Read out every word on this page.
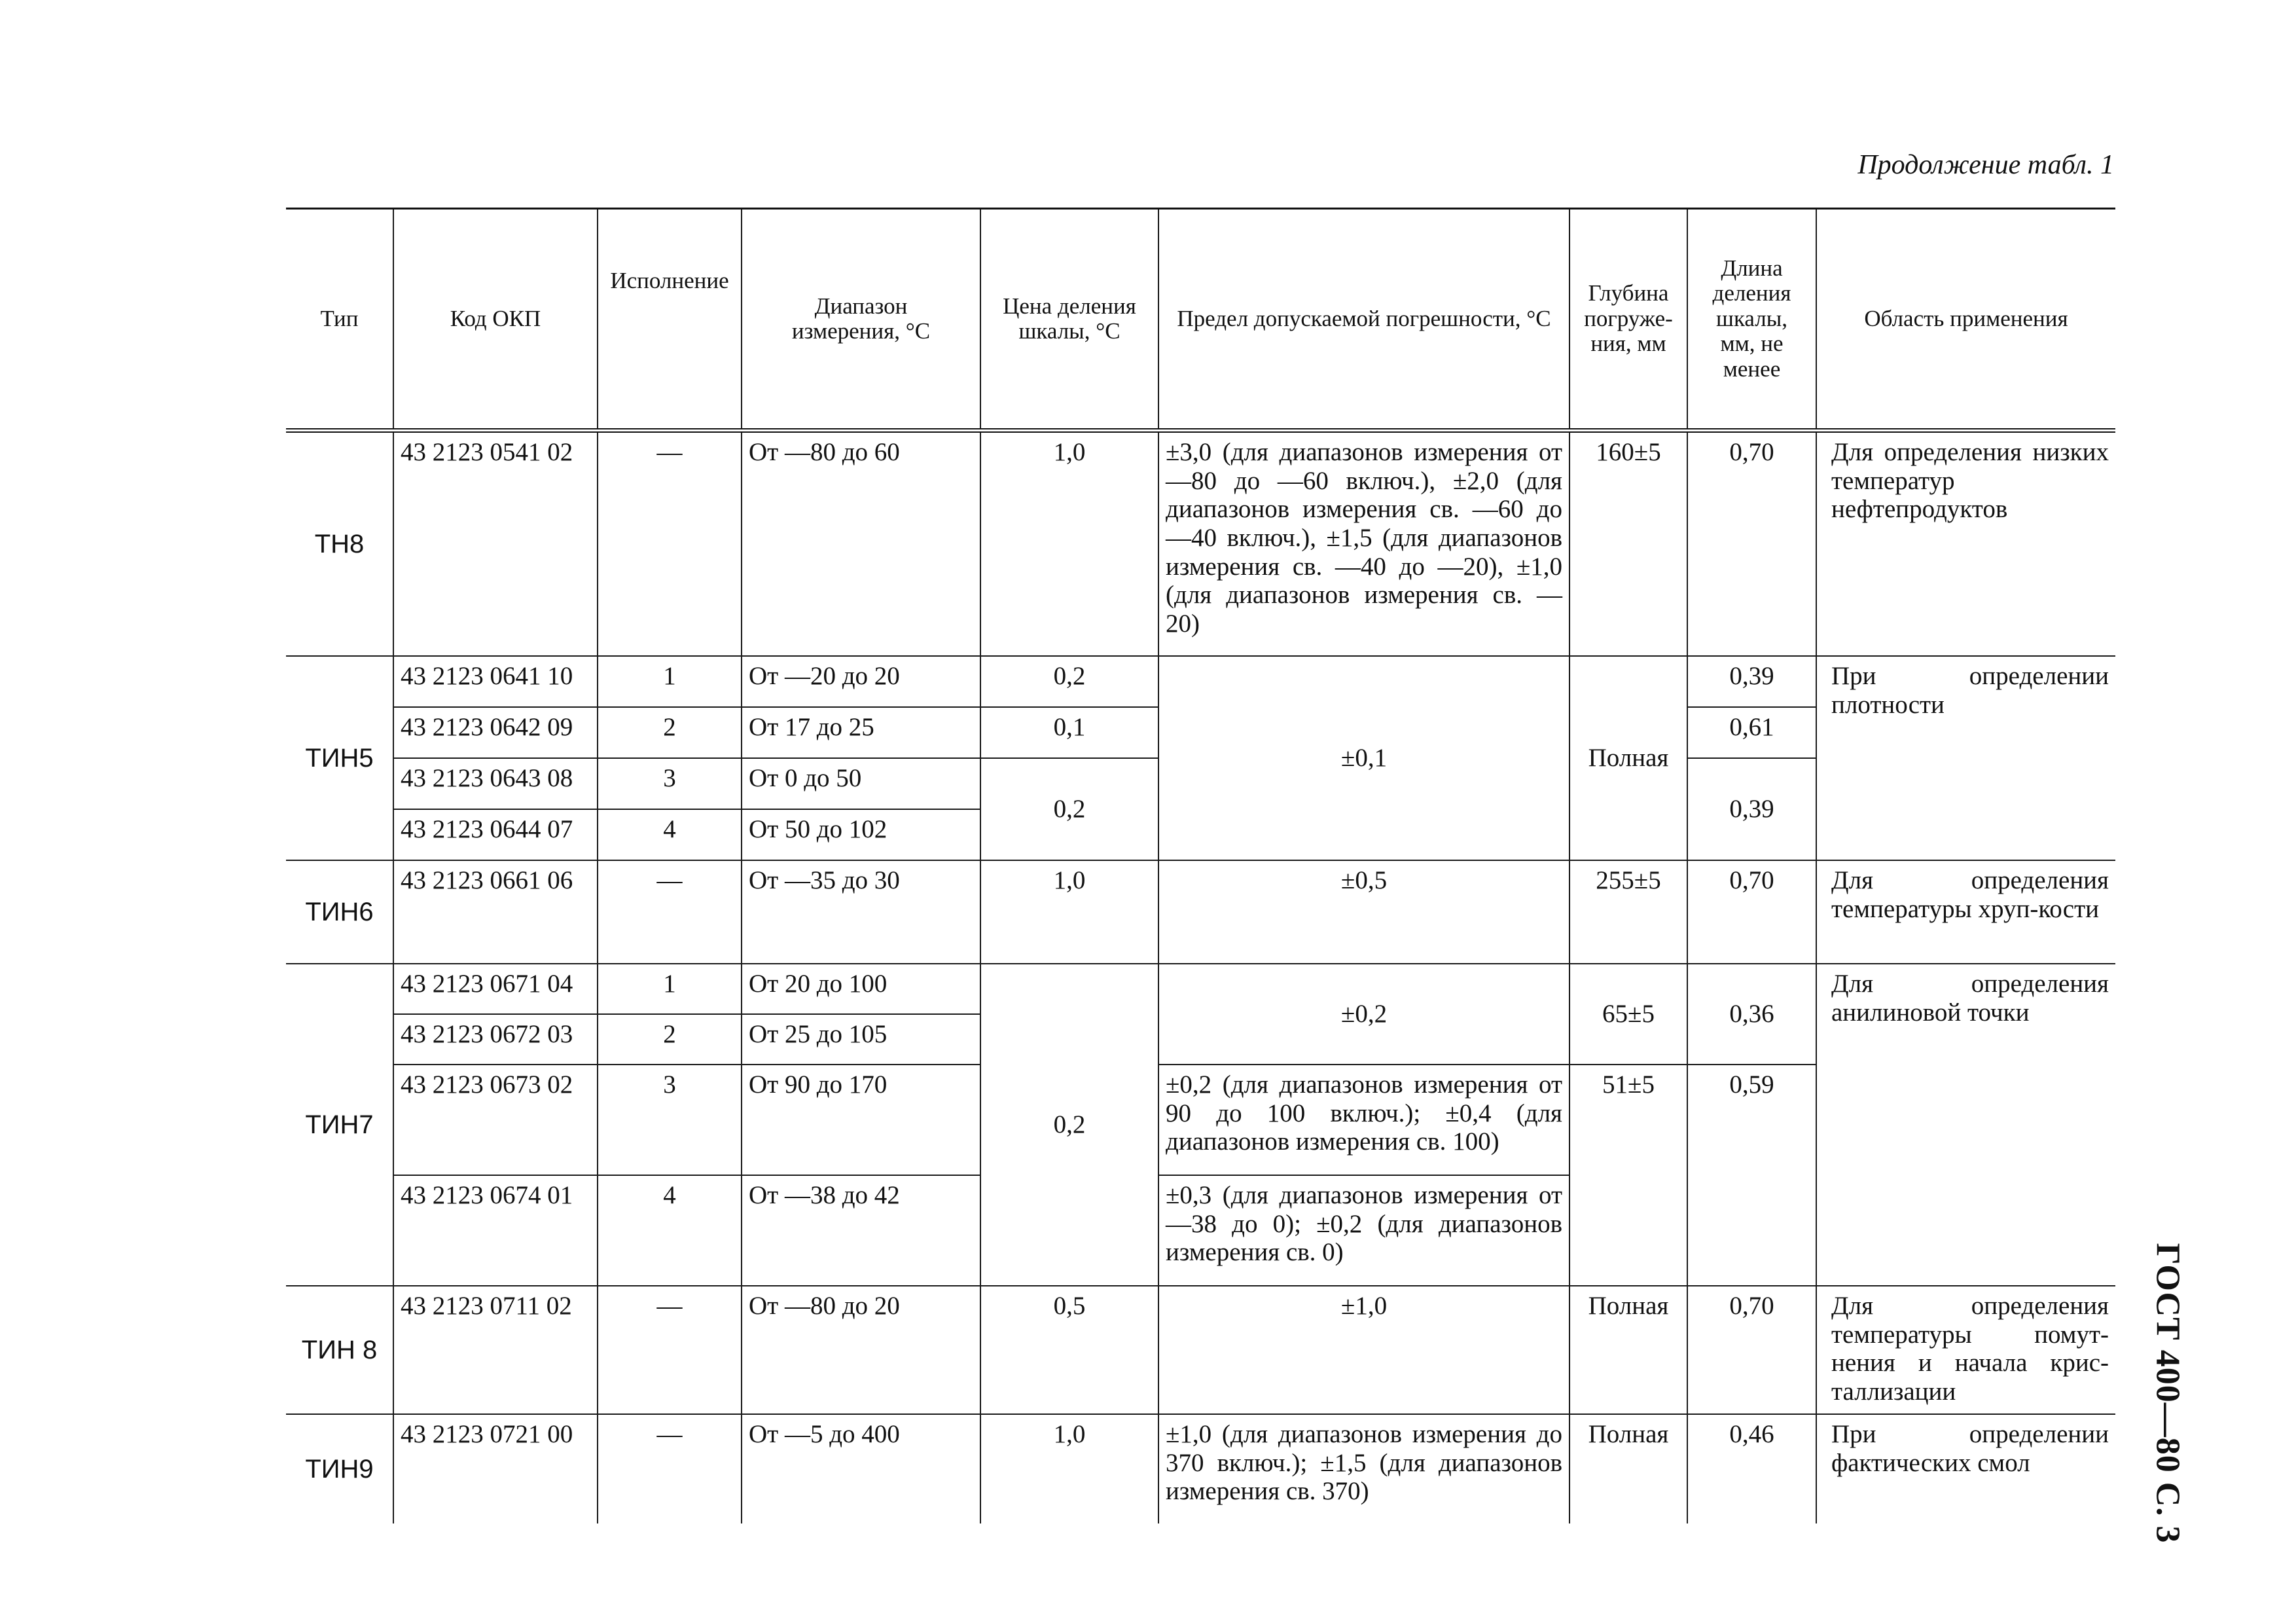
Продолжение табл. 1
ГОСТ 400—80 С. 3
Тип	Код ОКП	Исполнение	Диапазон измерения, °С	Цена деления шкалы, °С	Предел допускаемой погрешности, °С	Глубина погруже-ния, мм	Длина деления шкалы, мм, не менее	Область применения
ТН8	43 2123 0541 02	—	От —80 до 60	1,0	±3,0 (для диапазонов измерения от —80 до —60 включ.), ±2,0 (для диапазонов измерения св. —60 до —40 включ.), ±1,5 (для диапазонов измерения св. —40 до —20), ±1,0 (для диапазонов измерения св. —20)	160±5	0,70	Для определения низких температур нефтепродуктов
ТИН5	43 2123 0641 10	1	От —20 до 20	0,2	±0,1	Полная	0,39	При определении плотности
	43 2123 0642 09	2	От 17 до 25	0,1			0,61	
	43 2123 0643 08	3	От 0 до 50	0,2			0,39	
	43 2123 0644 07	4	От 50 до 102					
ТИН6	43 2123 0661 06	—	От —35 до 30	1,0	±0,5	255±5	0,70	Для определения температуры хруп-кости
ТИН7	43 2123 0671 04	1	От 20 до 100	0,2	±0,2	65±5	0,36	Для определения анилиновой точки
	43 2123 0672 03	2	От 25 до 105					
	43 2123 0673 02	3	От 90 до 170		±0,2 (для диапазонов измерения от 90 до 100 включ.); ±0,4 (для диапазонов измерения св. 100)	51±5	0,59	
	43 2123 0674 01	4	От —38 до 42		±0,3 (для диапазонов измерения от —38 до 0); ±0,2 (для диапазонов измерения св. 0)			
ТИН 8	43 2123 0711 02	—	От —80 до 20	0,5	±1,0	Полная	0,70	Для определения температуры помут-нения и начала крис-таллизации
ТИН9	43 2123 0721 00	—	От —5 до 400	1,0	±1,0 (для диапазонов измерения до 370 включ.); ±1,5 (для диапазонов измерения св. 370)	Полная	0,46	При определении фактических смол
